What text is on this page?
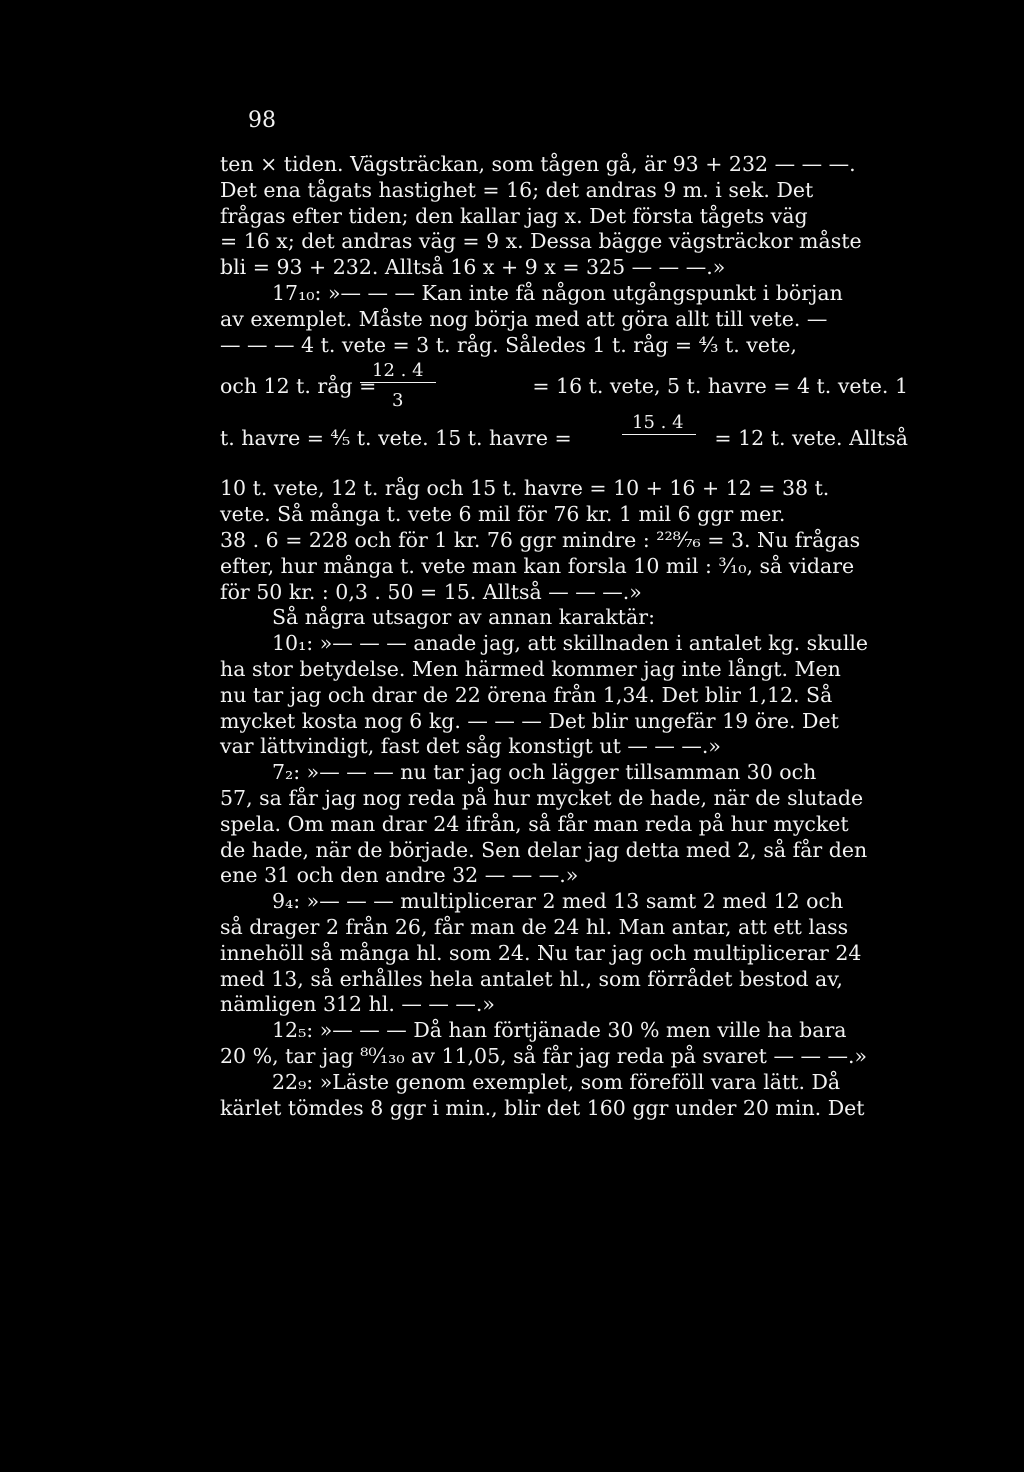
98
ten × tiden. Vägsträckan, som tågen gå, är 93 + 232 — — —.
Det ena tågats hastighet = 16; det andras 9 m. i sek. Det
frågas efter tiden; den kallar jag x. Det första tågets väg
= 16 x; det andras väg = 9 x. Dessa bägge vägsträckor måste
bli = 93 + 232. Alltså 16 x + 9 x = 325 — — —.»
17₁₀: »— — — Kan inte få någon utgångspunkt i början
av exemplet. Måste nog börja med att göra allt till vete. —
— — — 4 t. vete = 3 t. råg. Således 1 t. råg = ⁴⁄₃ t. vete,
12 . 4
3
och 12 t. råg =	= 16 t. vete, 5 t. havre = 4 t. vete. 1
15 . 4
5
t. havre = ⁴⁄₅ t. vete. 15 t. havre =	= 12 t. vete. Alltså
10 t. vete, 12 t. råg och 15 t. havre = 10 + 16 + 12 = 38 t.
vete. Så många t. vete 6 mil för 76 kr. 1 mil 6 ggr mer.
38 . 6 = 228 och för 1 kr. 76 ggr mindre : ²²⁸⁄₇₆ = 3. Nu frågas
efter, hur många t. vete man kan forsla 10 mil : ³⁄₁₀, så vidare
för 50 kr. : 0,3 . 50 = 15. Alltså — — —.»
Så några utsagor av annan karaktär:
10₁: »— — — anade jag, att skillnaden i antalet kg. skulle
ha stor betydelse. Men härmed kommer jag inte långt. Men
nu tar jag och drar de 22 örena från 1,34. Det blir 1,12. Så
mycket kosta nog 6 kg. — — — Det blir ungefär 19 öre. Det
var lättvindigt, fast det såg konstigt ut — — —.»
7₂: »— — — nu tar jag och lägger tillsamman 30 och
57, sa får jag nog reda på hur mycket de hade, när de slutade
spela. Om man drar 24 ifrån, så får man reda på hur mycket
de hade, när de började. Sen delar jag detta med 2, så får den
ene 31 och den andre 32 — — —.»
9₄: »— — — multiplicerar 2 med 13 samt 2 med 12 och
så drager 2 från 26, får man de 24 hl. Man antar, att ett lass
innehöll så många hl. som 24. Nu tar jag och multiplicerar 24
med 13, så erhålles hela antalet hl., som förrådet bestod av,
nämligen 312 hl. — — —.»
12₅: »— — — Då han förtjänade 30 % men ville ha bara
20 %, tar jag ⁸⁰⁄₁₃₀ av 11,05, så får jag reda på svaret — — —.»
22₉: »Läste genom exemplet, som föreföll vara lätt. Då
kärlet tömdes 8 ggr i min., blir det 160 ggr under 20 min. Det
